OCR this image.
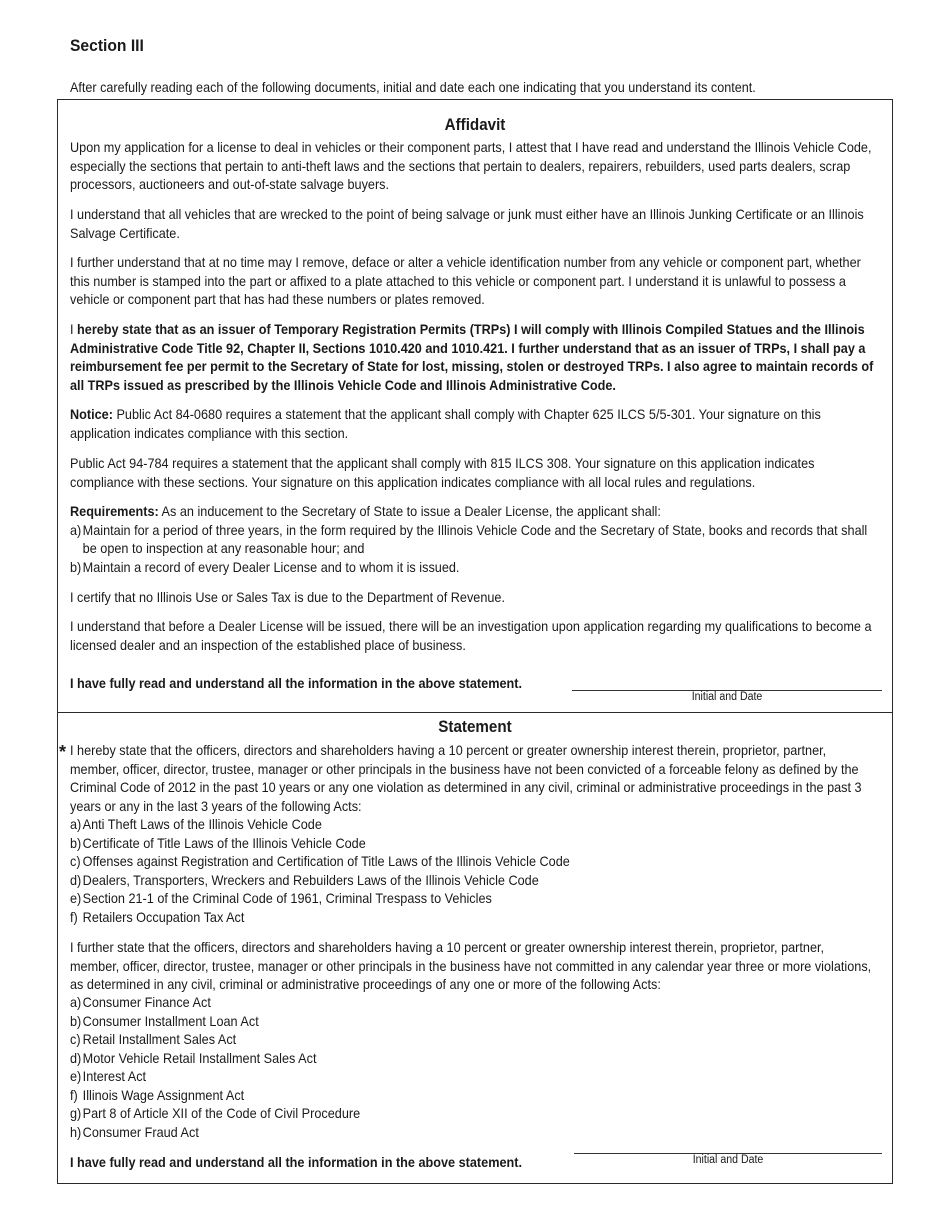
Section III

After carefully reading each of the following documents, initial and date each one indicating that you understand its content.

Affidavit

Upon my application for a license to deal in vehicles or their component parts, I attest that I have read and understand the Illinois Vehicle Code, especially the sections that pertain to anti-theft laws and the sections that pertain to dealers, repairers, rebuilders, used parts dealers, scrap processors, auctioneers and out-of-state salvage buyers.

I understand that all vehicles that are wrecked to the point of being salvage or junk must either have an Illinois Junking Certificate or an Illinois Salvage Certificate.

I further understand that at no time may I remove, deface or alter a vehicle identification number from any vehicle or component part, whether this number is stamped into the part or affixed to a plate attached to this vehicle or component part. I understand it is unlawful to possess a vehicle or component part that has had these numbers or plates removed.

I hereby state that as an issuer of Temporary Registration Permits (TRPs) I will comply with Illinois Compiled Statues and the Illinois Administrative Code Title 92, Chapter II, Sections 1010.420 and 1010.421. I further understand that as an issuer of TRPs, I shall pay a reimbursement fee per permit to the Secretary of State for lost, missing, stolen or destroyed TRPs. I also agree to maintain records of all TRPs issued as prescribed by the Illinois Vehicle Code and Illinois Administrative Code.

Notice: Public Act 84-0680 requires a statement that the applicant shall comply with Chapter 625 ILCS 5/5-301. Your signature on this application indicates compliance with this section.

Public Act 94-784 requires a statement that the applicant shall comply with 815 ILCS 308. Your signature on this application indicates compliance with these sections. Your signature on this application indicates compliance with all local rules and regulations.

Requirements: As an inducement to the Secretary of State to issue a Dealer License, the applicant shall:
a) Maintain for a period of three years, in the form required by the Illinois Vehicle Code and the Secretary of State, books and records that shall be open to inspection at any reasonable hour; and
b) Maintain a record of every Dealer License and to whom it is issued.

I certify that no Illinois Use or Sales Tax is due to the Department of Revenue.

I understand that before a Dealer License will be issued, there will be an investigation upon application regarding my qualifications to become a licensed dealer and an inspection of the established place of business.

I have fully read and understand all the information in the above statement.

Initial and Date
Statement
* I hereby state that the officers, directors and shareholders having a 10 percent or greater ownership interest therein, proprietor, partner, member, officer, director, trustee, manager or other principals in the business have not been convicted of a forceable felony as defined by the Criminal Code of 2012 in the past 10 years or any one violation as determined in any civil, criminal or administrative proceedings in the past 3 years or any in the last 3 years of the following Acts:

a) Anti Theft Laws of the Illinois Vehicle Code
b) Certificate of Title Laws of the Illinois Vehicle Code
c) Offenses against Registration and Certification of Title Laws of the Illinois Vehicle Code
d) Dealers, Transporters, Wreckers and Rebuilders Laws of the Illinois Vehicle Code
e) Section 21-1 of the Criminal Code of 1961, Criminal Trespass to Vehicles
f) Retailers Occupation Tax Act

I further state that the officers, directors and shareholders having a 10 percent or greater ownership interest therein, proprietor, partner, member, officer, director, trustee, manager or other principals in the business have not committed in any calendar year three or more violations, as determined in any civil, criminal or administrative proceedings of any one or more of the following Acts:

a) Consumer Finance Act
b) Consumer Installment Loan Act
c) Retail Installment Sales Act
d) Motor Vehicle Retail Installment Sales Act
e) Interest Act
f) Illinois Wage Assignment Act
g) Part 8 of Article XII of the Code of Civil Procedure
h) Consumer Fraud Act

I have fully read and understand all the information in the above statement.	Initial and Date
